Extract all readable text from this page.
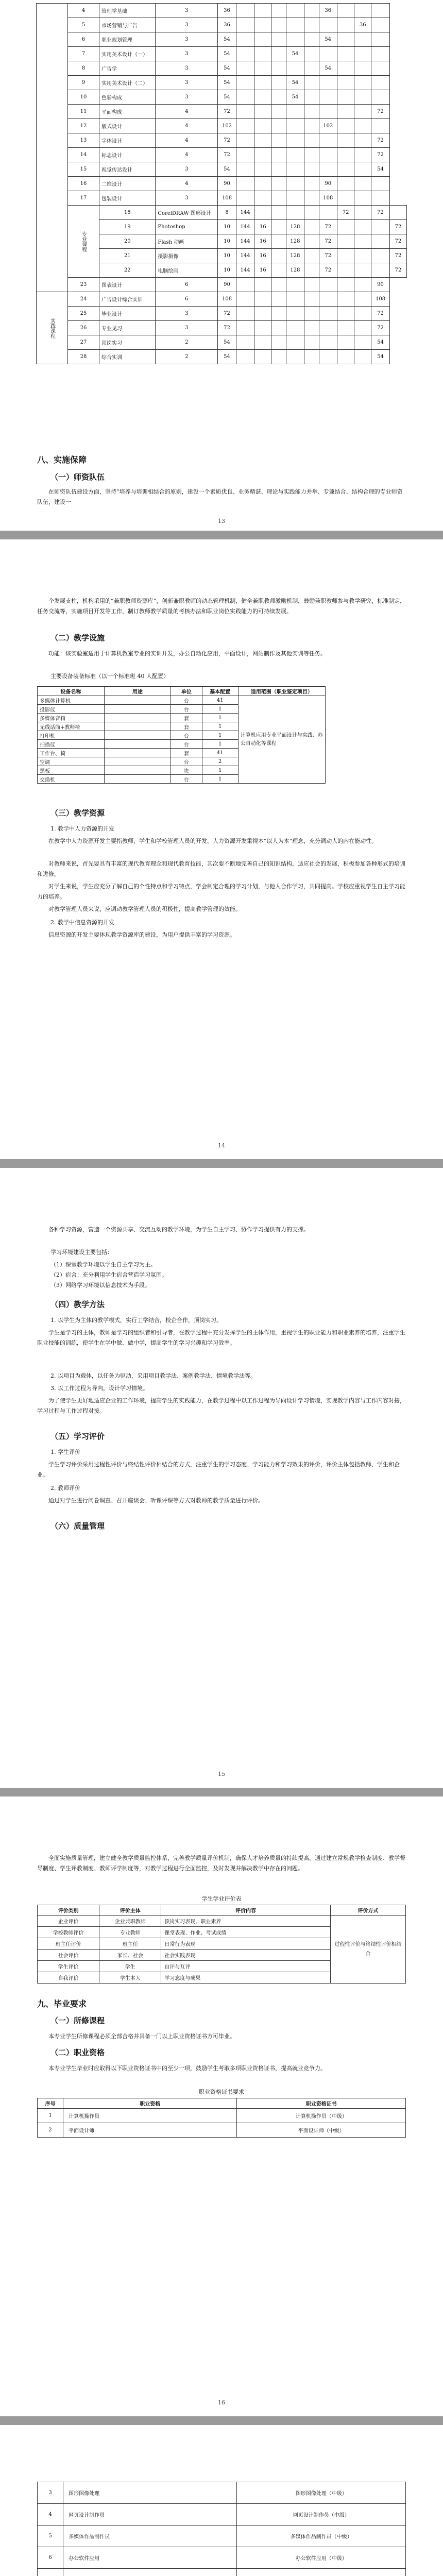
	4	管理学基础	3	36						36				
	5	市场营销与广告	3	36								36		
	6	职业规划管理	3	54						54				
	7	实用美术设计（一）	3	54				54						
	8	广告学	3	54						54				
	9	实用美术设计（二）	3	54				54						
	10	色彩构成	3	54				54						
	11	平面构成	4	72									72	
	12	版式设计	4	102						102				
	13	字体设计	4	72									72	
	14	标志设计	4	72									72	
	15	视觉传达设计	3	54									54	
	16	二维设计	4	90						90				
	17	包装设计	3	108						108				
	专业课程	18	CorelDRAW 图形设计	8	144						72		72	
		19	Photoshop	10	144	16		128		72				72
		20	Flash 动画	10	144	16		128		72				72
		21	摄影摄像	10	144	16		128		72				72
		22	电脑绘画	10	144	16		128		72				72
	23	图表设计	6	90									90	
实践课程	24	广告设计综合实训	6	108									108	
	25	毕业设计	3	72									72	
	26	专业见习	3	72									72	
	27	顶岗实习	2	54									54	
	28	综合实训	2	54									54	
八、实施保障
（一）师资队伍
在师资队伍建设方面，坚持“培养与培训相结合的原则，建设一个素质优良、业务精湛、理论与实践能力并举、专兼结合、结构合理的专业师资队伍，建设一
13
个发展支柱，机构采用的“兼职教师资源库”，创新兼职教师的动态管理机制，健全兼职教师激励机制，鼓励兼职教师参与教学研究，标准制定，任务交流等，实施项目开发等工作，制订教师教学质量的考核办法和职业岗位实践能力的可持续发展。
（二）教学设施
功能：该实验室适用于计算机教室专业的实训开发，办公自动化应用，平面设计，网站制作及其他实训等任务。
主要设备装备标准（以一个标准班 40 人配置）
设备名称	用途	单位	基本配置	适用范围（职业鉴定项目）
多媒体计算机		台	41	计算机应用专业平面设计与实践、办公自动化等课程
投影仪		台	1	
多媒体音箱		套	1	
无线话筒+教师椅		套	1	
打印机		台	1	
扫描仪		台	1	
工作台、椅		套	41	
空调		台	2	
黑板		块	1	
交换机		台	1	
（三）教学资源
1. 教学中人力资源的开发
在教学中人力资源开发主要指教师，学生和学校管理人员的开发，人力资源开发重视本“以人为本”理念，充分调动人的内在能动性。
对教师来说，首先要具有丰富的现代教育理念和现代教育技能，其次要不断地完善自己的知识结构，适应社会的发展，积极参加各种形式的培训和进修。
对学生来说，学生应充分了解自己的个性特点和学习特点，学会制定合理的学习计划，与他人合作学习，共同提高。学校应重视学生自主学习能力的培养。
对教学管理人员来说，应调动教学管理人员的积极性，提高教学管理的效能。
2. 教学中信息资源的开发
信息资源的开发主要体现教学资源库的建设，为用户提供丰富的学习资源。
14
各种学习资源，营造一个资源共享、交流互动的教学环境，为学生自主学习、协作学习提供有力的支撑。
学习环境建设主要包括：
（1）课堂教学环境以学生自主学习为主。
（2）宿舍：充分利用学生宿舍营造学习氛围。
（3）网络学习环境以信息技术为手段。
（四）教学方法
1. 以学生为主体的教学模式，实行工学结合，校企合作，顶岗实习。
学生是学习的主体，教师是学习的组织者和引导者，在教学过程中充分发挥学生的主体作用，重视学生的职业能力和职业素养的培养，注重学生职业技能的训练，使学生在学中做、做中学，提高学生的学习兴趣和学习效率。
2. 以项目为载体，以任务为驱动，采用项目教学法、案例教学法、情境教学法等。
3. 以工作过程为导向，设计学习情境。
为了使学生更好地适应企业的工作环境，提高学生的实践能力，在教学过程中以工作过程为导向设计学习情境，实现教学内容与工作内容对接，学习过程与工作过程对接。
（五）学习评价
1. 学生评价
学生学习评价采用过程性评价与终结性评价相结合的方式，注重学生的学习态度、学习能力和学习效果的评价，评价主体包括教师、学生和企业。
2. 教师评价
通过对学生进行问卷调查、召开座谈会、听课评课等方式对教师的教学质量进行评价。
（六）质量管理
15
全面实施质量管理，建立健全教学质量监控体系，完善教学质量评价机制，确保人才培养质量的持续提高。通过建立常规教学检查制度、教学督导制度、学生评教制度、教师评学制度等，对教学过程进行全面监控，及时发现并解决教学中存在的问题。
学生学业评价表
评价类别	评价主体	评价内容	评价方式
企业评价	企业兼职教师	顶岗实习表现、职业素养	过程性评价与终结性评价相结合
学校教师评价	专业教师	课堂表现、作业、考试成绩	
班主任评价	班主任	日常行为表现	
社会评价	家长、社会	社会实践表现	
学生评价	学生	自评与互评	
自我评价	学生本人	学习态度与成果	
九、毕业要求
（一）所修课程
本专业学生所修课程必须全部合格并具备一门以上职业资格证书方可毕业。
（二）职业资格
本专业学生毕业时应取得以下职业资格证书中的至少一项，鼓励学生考取多项职业资格证书，提高就业竞争力。
职业资格证书要求
序号	职业资格	职业资格证书
1	计算机操作员	计算机操作员（中级）
2	平面设计师	平面设计师（中级）
16
3	图形图像处理	图形图像处理（中级）
4	网页设计制作员	网页设计制作员（中级）
5	多媒体作品制作员	多媒体作品制作员（中级）
6	办公软件应用	办公软件应用（中级）
